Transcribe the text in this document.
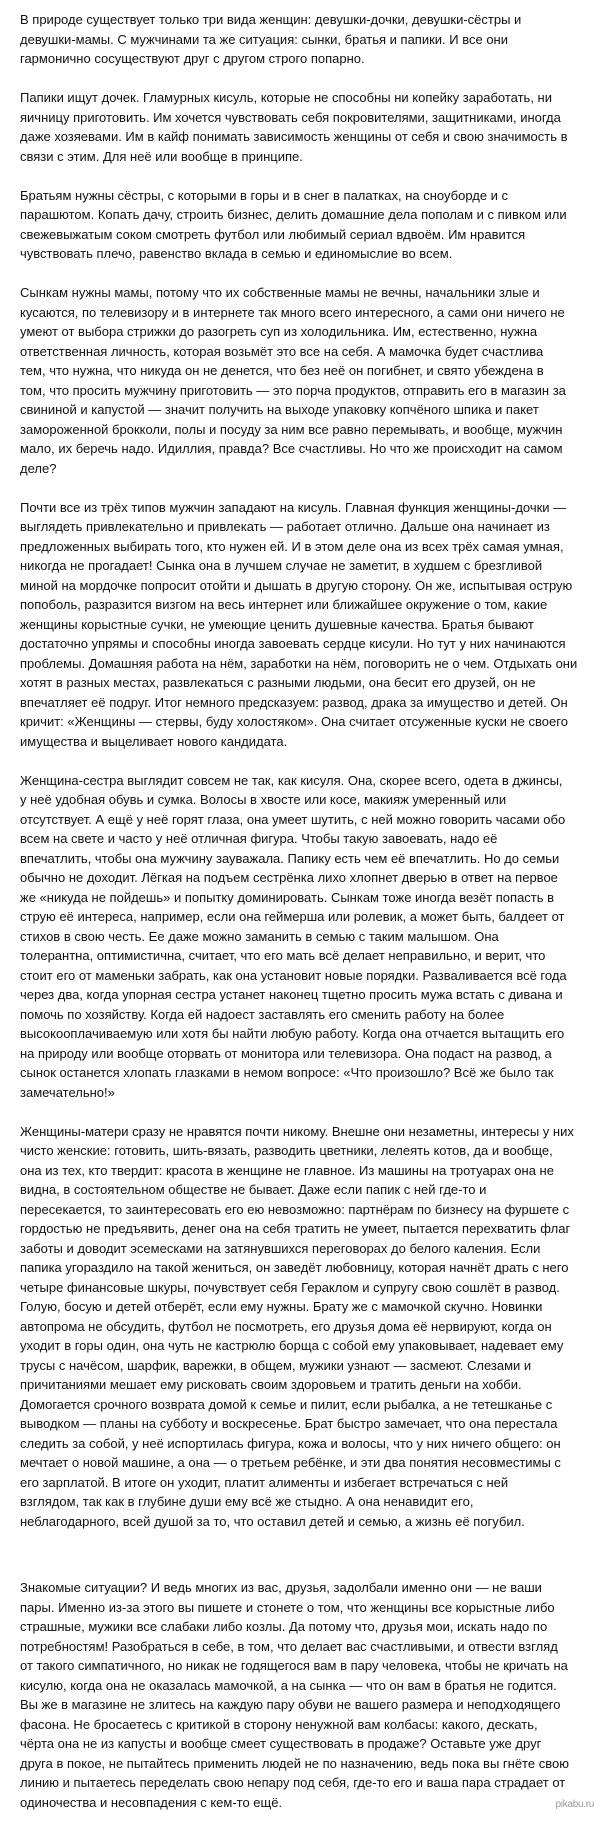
В природе существует только три вида женщин: девушки-дочки, девушки-сёстры и
девушки-мамы. С мужчинами та же ситуация: сынки, братья и папики. И все они
гармонично сосуществуют друг с другом строго попарно.

Папики ищут дочек. Гламурных кисуль, которые не способны ни копейку заработать, ни
яичницу приготовить. Им хочется чувствовать себя покровителями, защитниками, иногда
даже хозяевами. Им в кайф понимать зависимость женщины от себя и свою значимость в
связи с этим. Для неё или вообще в принципе.

Братьям нужны сёстры, с которыми в горы и в снег в палатках, на сноуборде и с
парашютом. Копать дачу, строить бизнес, делить домашние дела пополам и с пивком или
свежевыжатым соком смотреть футбол или любимый сериал вдвоём. Им нравится
чувствовать плечо, равенство вклада в семью и единомыслие во всем.

Сынкам нужны мамы, потому что их собственные мамы не вечны, начальники злые и
кусаются, по телевизору и в интернете так много всего интересного, а сами они ничего не
умеют от выбора стрижки до разогреть суп из холодильника. Им, естественно, нужна
ответственная личность, которая возьмёт это все на себя. А мамочка будет счастлива
тем, что нужна, что никуда он не денется, что без неё он погибнет, и свято убеждена в
том, что просить мужчину приготовить — это порча продуктов, отправить его в магазин за
свининой и капустой — значит получить на выходе упаковку копчёного шпика и пакет
замороженной брокколи, полы и посуду за ним все равно перемывать, и вообще, мужчин
мало, их беречь надо. Идиллия, правда? Все счастливы. Но что же происходит на самом
деле?

Почти все из трёх типов мужчин западают на кисуль. Главная функция женщины-дочки —
выглядеть привлекательно и привлекать — работает отлично. Дальше она начинает из
предложенных выбирать того, кто нужен ей. И в этом деле она из всех трёх самая умная,
никогда не прогадает! Сынка она в лучшем случае не заметит, в худшем с брезгливой
миной на мордочке попросит отойти и дышать в другую сторону. Он же, испытывая острую
попоболь, разразится визгом на весь интернет или ближайшее окружение о том, какие
женщины корыстные сучки, не умеющие ценить душевные качества. Братья бывают
достаточно упрямы и способны иногда завоевать сердце кисули. Но тут у них начинаются
проблемы. Домашняя работа на нём, заработки на нём, поговорить не о чем. Отдыхать они
хотят в разных местах, развлекаться с разными людьми, она бесит его друзей, он не
впечатляет её подруг. Итог немного предсказуем: развод, драка за имущество и детей. Он
кричит: «Женщины — стервы, буду холостяком». Она считает отсуженные куски не своего
имущества и выцеливает нового кандидата.

Женщина-сестра выглядит совсем не так, как кисуля. Она, скорее всего, одета в джинсы,
у неё удобная обувь и сумка. Волосы в хвосте или косе, макияж умеренный или
отсутствует. А ещё у неё горят глаза, она умеет шутить, с ней можно говорить часами обо
всем на свете и часто у неё отличная фигура. Чтобы такую завоевать, надо её
впечатлить, чтобы она мужчину зауважала. Папику есть чем её впечатлить. Но до семьи
обычно не доходит. Лёгкая на подъем сестрёнка лихо хлопнет дверью в ответ на первое
же «никуда не пойдешь» и попытку доминировать. Сынкам тоже иногда везёт попасть в
струю её интереса, например, если она геймерша или ролевик, а может быть, балдеет от
стихов в свою честь. Ее даже можно заманить в семью с таким малышом. Она
толерантна, оптимистична, считает, что его мать всё делает неправильно, и верит, что
стоит его от маменьки забрать, как она установит новые порядки. Разваливается всё года
через два, когда упорная сестра устанет наконец тщетно просить мужа встать с дивана и
помочь по хозяйству. Когда ей надоест заставлять его сменить работу на более
высокооплачиваемую или хотя бы найти любую работу. Когда она отчается вытащить его
на природу или вообще оторвать от монитора или телевизора. Она подаст на развод, а
сынок останется хлопать глазками в немом вопросе: «Что произошло? Всё же было так
замечательно!»

Женщины-матери сразу не нравятся почти никому. Внешне они незаметны, интересы у них
чисто женские: готовить, шить-вязать, разводить цветники, лелеять котов, да и вообще,
она из тех, кто твердит: красота в женщине не главное. Из машины на тротуарах она не
видна, в состоятельном обществе не бывает. Даже если папик с ней где-то и
пересекается, то заинтересовать его ею невозможно: партнёрам по бизнесу на фуршете с
гордостью не предъявить, денег она на себя тратить не умеет, пытается перехватить флаг
заботы и доводит эсемесками на затянувшихся переговорах до белого каления. Если
папика угораздило на такой жениться, он заведёт любовницу, которая начнёт драть с него
четыре финансовые шкуры, почувствует себя Гераклом и супругу свою сошлёт в развод.
Голую, босую и детей отберёт, если ему нужны. Брату же с мамочкой скучно. Новинки
автопрома не обсудить, футбол не посмотреть, его друзья дома её нервируют, когда он
уходит в горы один, она чуть не кастрюлю борща с собой ему упаковывает, надевает ему
трусы с начёсом, шарфик, варежки, в общем, мужики узнают — засмеют. Слезами и
причитаниями мешает ему рисковать своим здоровьем и тратить деньги на хобби.
Домогается срочного возврата домой к семье и пилит, если рыбалка, а не тетешканье с
выводком — планы на субботу и воскресенье. Брат быстро замечает, что она перестала
следить за собой, у неё испортилась фигура, кожа и волосы, что у них ничего общего: он
мечтает о новой машине, а она — о третьем ребёнке, и эти два понятия несовместимы с
его зарплатой. В итоге он уходит, платит алименты и избегает встречаться с ней
взглядом, так как в глубине души ему всё же стыдно. А она ненавидит его,
неблагодарного, всей душой за то, что оставил детей и семью, а жизнь её погубил.

Знакомые ситуации? И ведь многих из вас, друзья, задолбали именно они — не ваши
пары. Именно из-за этого вы пишете и стонете о том, что женщины все корыстные либо
страшные, мужики все слабаки либо козлы. Да потому что, друзья мои, искать надо по
потребностям! Разобраться в себе, в том, что делает вас счастливыми, и отвести взгляд
от такого симпатичного, но никак не годящегося вам в пару человека, чтобы не кричать на
кисулю, когда она не оказалась мамочкой, а на сынка — что он вам в братья не годится.
Вы же в магазине не злитесь на каждую пару обуви не вашего размера и неподходящего
фасона. Не бросаетесь с критикой в сторону ненужной вам колбасы: какого, дескать,
чёрта она не из капусты и вообще смеет существовать в продаже? Оставьте уже друг
друга в покое, не пытайтесь применить людей не по назначению, ведь пока вы гнёте свою
линию и пытаетесь переделать свою непару под себя, где-то его и ваша пара страдает от
одиночества и несовпадения с кем-то ещё.	pikabu.ru
